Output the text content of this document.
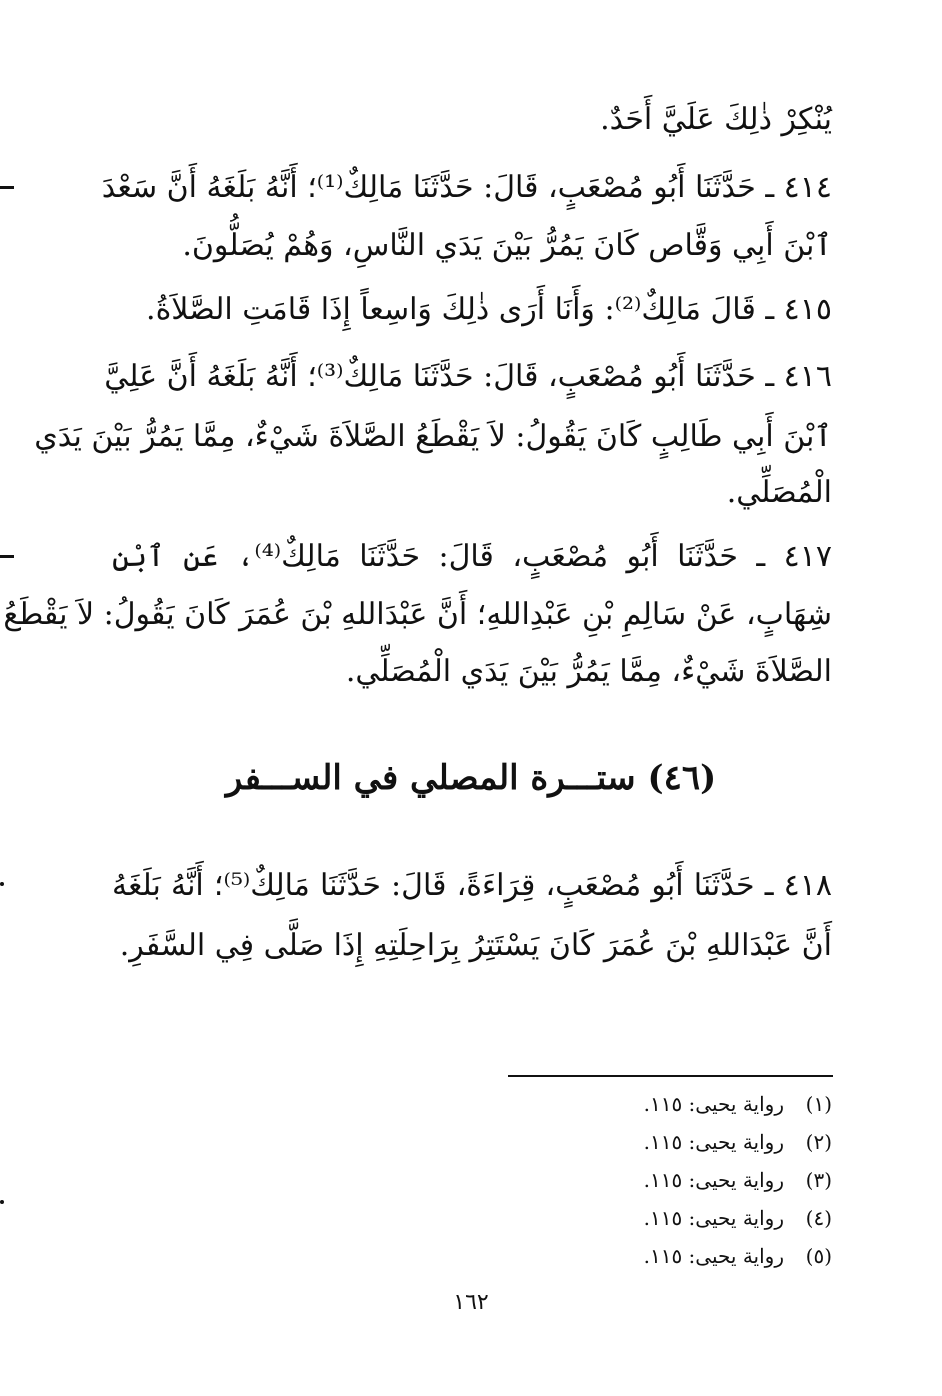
يُنْكِرْ ذٰلِكَ عَلَيَّ أَحَدٌ.
٤١٤ ـ حَدَّثَنَا أَبُو مُصْعَبٍ، قَالَ: حَدَّثَنَا مَالِكٌ⁽¹⁾؛ أَنَّهُ بَلَغَهُ أَنَّ سَعْدَ
ٱبْنَ أَبِي وَقَّاص كَانَ يَمُرُّ بَيْنَ يَدَي النَّاسِ، وَهُمْ يُصَلُّونَ.
٤١٥ ـ قَالَ مَالِكٌ⁽²⁾: وَأَنَا أَرَى ذٰلِكَ وَاسِعاً إِذَا قَامَتِ الصَّلاَةُ.
٤١٦ ـ حَدَّثَنَا أَبُو مُصْعَبٍ، قَالَ: حَدَّثَنَا مَالِكٌ⁽³⁾؛ أَنَّهُ بَلَغَهُ أَنَّ عَلِيَّ
ٱبْنَ أَبِي طَالِبٍ كَانَ يَقُولُ: لاَ يَقْطَعُ الصَّلاَةَ شَيْءٌ، مِمَّا يَمُرُّ بَيْنَ يَدَي
الْمُصَلِّي.
٤١٧ ـ حَدَّثَنَا أَبُو مُصْعَبٍ، قَالَ: حَدَّثَنَا مَالِكٌ⁽⁴⁾، عَنِ ٱبْنِ
شِهَابٍ، عَنْ سَالِمِ بْنِ عَبْدِاللهِ؛ أَنَّ عَبْدَاللهِ بْنَ عُمَرَ كَانَ يَقُولُ: لاَ يَقْطَعُ
الصَّلاَةَ شَيْءٌ، مِمَّا يَمُرُّ بَيْنَ يَدَي الْمُصَلِّي.
(٤٦) ستـــرة المصلي في الســـفر
٤١٨ ـ حَدَّثَنَا أَبُو مُصْعَبٍ، قِرَاءَةً، قَالَ: حَدَّثَنَا مَالِكٌ⁽⁵⁾؛ أَنَّهُ بَلَغَهُ
أَنَّ عَبْدَاللهِ بْنَ عُمَرَ كَانَ يَسْتَتِرُ بِرَاحِلَتِهِ إِذَا صَلَّى فِي السَّفَرِ.
(١)رواية يحيى: ١١٥.
(٢)رواية يحيى: ١١٥.
(٣)رواية يحيى: ١١٥.
(٤)رواية يحيى: ١١٥.
(٥)رواية يحيى: ١١٥.
١٦٢
